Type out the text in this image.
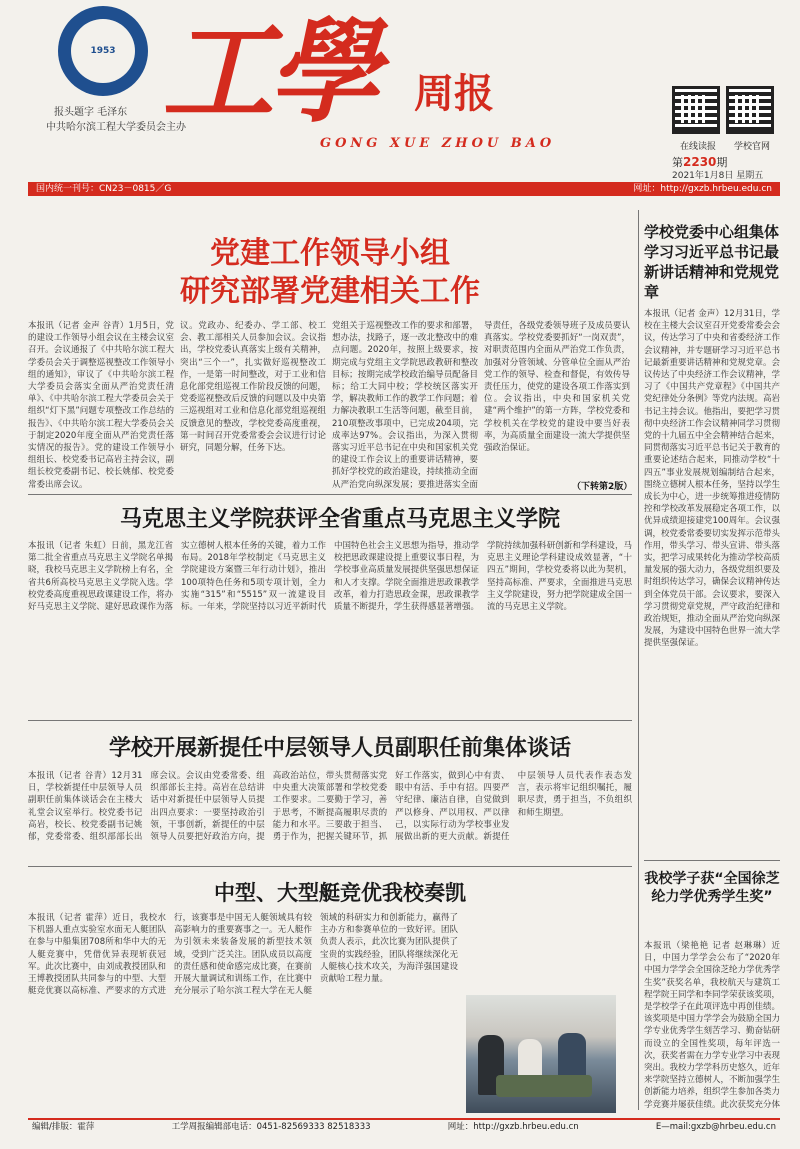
1953
报头题字 毛泽东
中共哈尔滨工程大学委员会主办
工學	周报
GONG XUE ZHOU BAO	在线读报	学校官网
第2230期
2021年1月8日 星期五
国内统一刊号：CN23－0815／G	网址：http://gxzb.hrbeu.edu.cn
党建工作领导小组
研究部署党建相关工作
本报讯（记者 金声 谷青）1月5日，党的建设工作领导小组会议在主楼会议室召开。会议通报了《中共哈尔滨工程大学委员会关于调整巡视整改工作领导小组的通知》，审议了《中共哈尔滨工程大学委员会落实全面从严治党责任清单》、《中共哈尔滨工程大学委员会关于组织“灯下黑”问题专项整改工作总结的报告》、《中共哈尔滨工程大学委员会关于制定2020年度全面从严治党责任落实情况的报告》。党的建设工作领导小组组长、校党委书记高岩主持会议，副组长校党委副书记、校长姚郁、校党委常委出席会议。
议。党政办、纪委办、学工部、校工会、教工部相关人员参加会议。会议指出，学校党委认真落实上级有关精神，突出“三个一”，扎实做好巡视整改工作，一是第一时间整改，对于工业和信息化部党组巡视工作阶段反馈的问题，党委巡视整改后反馈的问题以及中央第三巡视组对工业和信息化部党组巡视组反馈意见的整改，学校党委高度重视，第一时间召开党委常委会会议进行讨论研究，同题分解，任务下达。
党组关于巡视整改工作的要求和部署，想办法，找路子，逐一改北整改中的难点问题。2020年，按照上级要求，按期完成与党组主文学院思政教研和整改目标；按期完成学校政治编导员配备目标；给工大同中校；学校统区落实开学，解决教师工作的教学工作问题；着力解决教职工生活等问题，截至目前，210项整改事项中，已完成204项，完成率达97%。会议指出，为深入贯彻落实习近平总书记在中央和国家机关党的建设工作会议上的重要讲话精神，要抓好学校党的政治建设，持续推动全面从严治党向纵深发展；要推进落实全面
导责任，各级党委领导班子及成员要认真落实。学校党委要抓好“一岗双责”，对职责范围内全面从严治党工作负责，加强对分管领域、分管单位全面从严治党工作的领导、检查和督促，有效传导责任压力，使党的建设各项工作落实到位。会议指出，中央和国家机关党建“两个维护”的第一方阵，学校党委和学校机关在学校党的建设中要当好表率，为高质量全面建设一流大学提供坚强政治保证。
（下转第2版）
马克思主义学院获评全省重点马克思主义学院
本报讯（记者 朱虹）日前，黑龙江省第二批全省重点马克思主义学院名单揭晓，我校马克思主义学院榜上有名，全省共6所高校马克思主义学院入选。学校党委高度重视思政课建设工作，将办好马克思主义学院、建好思政课作为落实立德树人根本任务的关键，着力工作布局。2018年学校制定《马克思主义学院建设方案暨三年行动计划》，推出100项特色任务和5项专项计划，全力实施“315”和“5515”双一流建设目标。一年来，学院坚持以习近平新时代中国特色社会主义思想为指导，推动学校把思政课建设提上重要议事日程，为学校事业高质量发展提供坚强思想保证和人才支撑。学院全面推进思政课教学改革，着力打造思政金课，思政课教学质量不断提升，学生获得感显著增强。学院持续加强科研创新和学科建设，马克思主义理论学科建设成效显著，“十四五”期间，学校党委将以此为契机，坚持高标准、严要求，全面推进马克思主义学院建设，努力把学院建成全国一流的马克思主义学院。
学校开展新提任中层领导人员副职任前集体谈话
本报讯（记者 谷青）12月31日，学校新提任中层领导人员副职任前集体谈话会在主楼大礼堂会议室举行。校党委书记高岩，校长、校党委副书记姚郁，党委常委、组织部部长出席会议。会议由党委常委、组织部部长主持。高岩在总结讲话中对新提任中层领导人员提出四点要求：一要坚持政治引领，干事创新，新提任的中层领导人员要把好政治方向，提高政治站位，带头贯彻落实党中央重大决策部署和学校党委工作要求。二要勤于学习，善于思考，不断提高履职尽责的能力和水平。三要敢于担当、勇于作为，把握关键环节，抓好工作落实，做到心中有责、眼中有活、手中有招。四要严守纪律、廉洁自律，自觉做到严以修身、严以用权、严以律己，以实际行动为学校事业发展做出新的更大贡献。新提任中层领导人员代表作表态发言，表示将牢记组织嘱托，履职尽责，勇于担当，不负组织和师生期望。
中型、大型艇竞优我校奏凯
本报讯（记者 霍萍）近日，我校水下机器人重点实验室水面无人艇团队在参与中船集团708所和华中大的无人艇竞赛中，凭借优异表现斩获冠军。此次比赛中，由刘成教授团队和王博教授团队共同参与的中型、大型艇竞优赛以高标准、严要求的方式进行，该赛事是中国无人艇领域具有较高影响力的重要赛事之一。无人艇作为引领未来装备发展的新型技术领域，受到广泛关注。团队成员以高度的责任感和使命感完成比赛，在赛前开展大量调试和训练工作，在比赛中充分展示了哈尔滨工程大学在无人艇领域的科研实力和创新能力，赢得了主办方和参赛单位的一致好评。团队负责人表示，此次比赛为团队提供了宝贵的实践经验，团队将继续深化无人艇核心技术攻关，为海洋强国建设贡献哈工程力量。
学校党委中心组集体学习习近平总书记最新讲话精神和党规党章
本报讯（记者 金声）12月31日，学校在主楼大会议室召开党委常委会会议，传达学习了中央和省委经济工作会议精神，并专题研学习习近平总书记最新重要讲话精神和党规党章。会议传达了中央经济工作会议精神，学习了《中国共产党章程》《中国共产党纪律处分条例》等党内法规。高岩书记主持会议。他指出，要把学习贯彻中央经济工作会议精神同学习贯彻党的十九届五中全会精神结合起来，同贯彻落实习近平总书记关于教育的重要论述结合起来，同推动学校“十四五”事业发展规划编制结合起来，围绕立德树人根本任务，坚持以学生成长为中心，进一步统筹推进疫情防控和学校改革发展稳定各项工作，以优异成绩迎接建党100周年。会议强调，校党委常委要切实发挥示范带头作用，带头学习、带头宣讲、带头落实，把学习成果转化为推动学校高质量发展的强大动力，各级党组织要及时组织传达学习，确保会议精神传达到全体党员干部。会议要求，要深入学习贯彻党章党规，严守政治纪律和政治规矩，推动全面从严治党向纵深发展，为建设中国特色世界一流大学提供坚强保证。
我校学子获“全国徐芝纶力学优秀学生奖”
本报讯（梁艳艳 记者 赵琳琳）近日，中国力学学会公布了“2020年中国力学学会全国徐芝纶力学优秀学生奖”获奖名单，我校航天与建筑工程学院王同学和李同学荣获该奖项，是学校学子在此项评选中再创佳绩。该奖项是中国力学学会为鼓励全国力学专业优秀学生刻苦学习、勤奋钻研而设立的全国性奖项，每年评选一次，获奖者需在力学专业学习中表现突出。我校力学学科历史悠久，近年来学院坚持立德树人，不断加强学生创新能力培养，组织学生参加各类力学竞赛并屡获佳绩。此次获奖充分体
编辑/排版：霍萍	工学周报编辑部电话：0451-82569333 82518333	网址：http://gxzb.hrbeu.edu.cn	E—mail:gxzb@hrbeu.edu.cn
